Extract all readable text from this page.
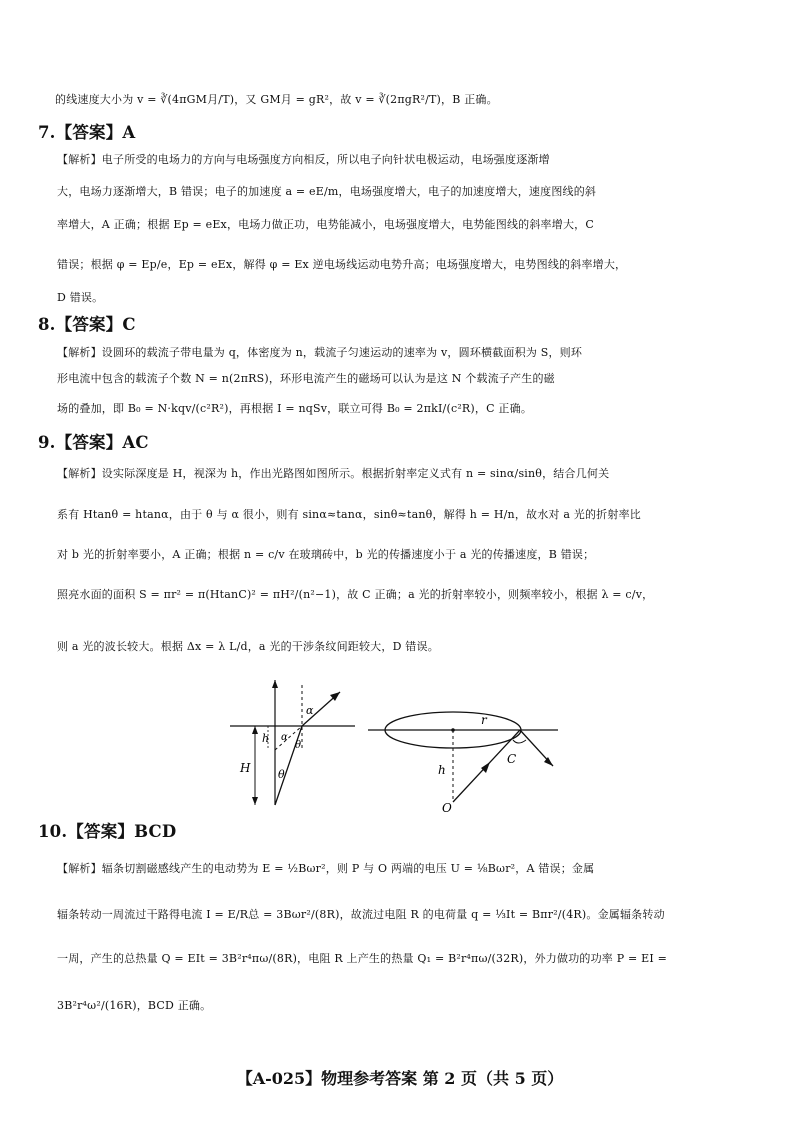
的线速度大小为 v = ∛(4πGM月/T)，又 GM月 = gR²，故 v = ∛(2πgR²/T)，B 正确。
7.【答案】A
【解析】电子所受的电场力的方向与电场强度方向相反，所以电子向针状电极运动，电场强度逐渐增
大，电场力逐渐增大，B 错误；电子的加速度 a = eE/m，电场强度增大，电子的加速度增大，速度图线的斜
率增大，A 正确；根据 Ep = eEx，电场力做正功，电势能减小，电场强度增大，电势能图线的斜率增大，C
错误；根据 φ = Ep/e，Ep = eEx，解得 φ = Ex 逆电场线运动电势升高；电场强度增大，电势图线的斜率增大，
D 错误。
8.【答案】C
【解析】设圆环的载流子带电量为 q，体密度为 n，载流子匀速运动的速率为 v，圆环横截面积为 S，则环
形电流中包含的载流子个数 N = n(2πRS)，环形电流产生的磁场可以认为是这 N 个载流子产生的磁
场的叠加，即 B₀ = N·kqv/(c²R²)，再根据 I = nqSv，联立可得 B₀ = 2πkI/(c²R)，C 正确。
9.【答案】AC
【解析】设实际深度是 H，视深为 h，作出光路图如图所示。根据折射率定义式有 n = sinα/sinθ，结合几何关
系有 Htanθ = htanα，由于 θ 与 α 很小，则有 sinα≈tanα，sinθ≈tanθ，解得 h = H/n，故水对 a 光的折射率比
对 b 光的折射率要小，A 正确；根据 n = c/v 在玻璃砖中，b 光的传播速度小于 a 光的传播速度，B 错误；
照亮水面的面积 S = πr² = π(HtanC)² = πH²/(n²−1)，故 C 正确；a 光的折射率较小，则频率较小，根据 λ = c/v，
则 a 光的波长较大。根据 Δx = λ L/d，a 光的干涉条纹间距较大，D 错误。
α
h α
θ
H	θ
r
h
C
O
10.【答案】BCD
【解析】辐条切割磁感线产生的电动势为 E = ½Bωr²，则 P 与 O 两端的电压 U = ⅛Bωr²，A 错误；金属
辐条转动一周流过干路得电流 I = E/R总 = 3Bωr²/(8R)，故流过电阻 R 的电荷量 q = ⅓It = Bπr²/(4R)。金属辐条转动
一周，产生的总热量 Q = EIt = 3B²r⁴πω/(8R)，电阻 R 上产生的热量 Q₁ = B²r⁴πω/(32R)，外力做功的功率 P = EI =
3B²r⁴ω²/(16R)，BCD 正确。
【A-025】物理参考答案 第 2 页（共 5 页）
